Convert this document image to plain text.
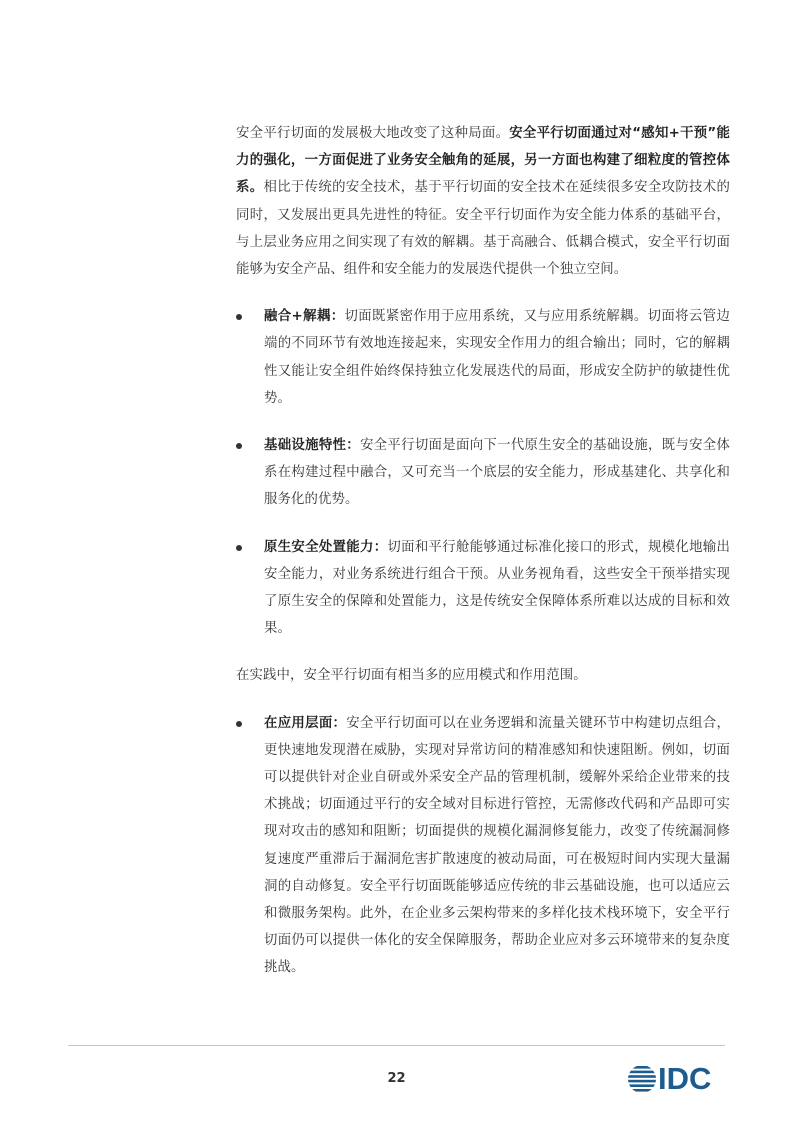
安全平行切面的发展极大地改变了这种局面。安全平行切面通过对“感知+干预”能力的强化，一方面促进了业务安全触角的延展，另一方面也构建了细粒度的管控体系。相比于传统的安全技术，基于平行切面的安全技术在延续很多安全攻防技术的同时，又发展出更具先进性的特征。安全平行切面作为安全能力体系的基础平台，与上层业务应用之间实现了有效的解耦。基于高融合、低耦合模式，安全平行切面能够为安全产品、组件和安全能力的发展迭代提供一个独立空间。

融合+解耦：切面既紧密作用于应用系统，又与应用系统解耦。切面将云管边端的不同环节有效地连接起来，实现安全作用力的组合输出；同时，它的解耦性又能让安全组件始终保持独立化发展迭代的局面，形成安全防护的敏捷性优势。
基础设施特性：安全平行切面是面向下一代原生安全的基础设施，既与安全体系在构建过程中融合，又可充当一个底层的安全能力，形成基建化、共享化和服务化的优势。
原生安全处置能力：切面和平行舱能够通过标准化接口的形式，规模化地输出安全能力，对业务系统进行组合干预。从业务视角看，这些安全干预举措实现了原生安全的保障和处置能力，这是传统安全保障体系所难以达成的目标和效果。

在实践中，安全平行切面有相当多的应用模式和作用范围。

在应用层面：安全平行切面可以在业务逻辑和流量关键环节中构建切点组合，更快速地发现潜在威胁，实现对异常访问的精准感知和快速阻断。例如，切面可以提供针对企业自研或外采安全产品的管理机制，缓解外采给企业带来的技术挑战；切面通过平行的安全域对目标进行管控，无需修改代码和产品即可实现对攻击的感知和阻断；切面提供的规模化漏洞修复能力，改变了传统漏洞修复速度严重滞后于漏洞危害扩散速度的被动局面，可在极短时间内实现大量漏洞的自动修复。安全平行切面既能够适应传统的非云基础设施，也可以适应云和微服务架构。此外，在企业多云架构带来的多样化技术栈环境下，安全平行切面仍可以提供一体化的安全保障服务，帮助企业应对多云环境带来的复杂度挑战。
22	IDC
